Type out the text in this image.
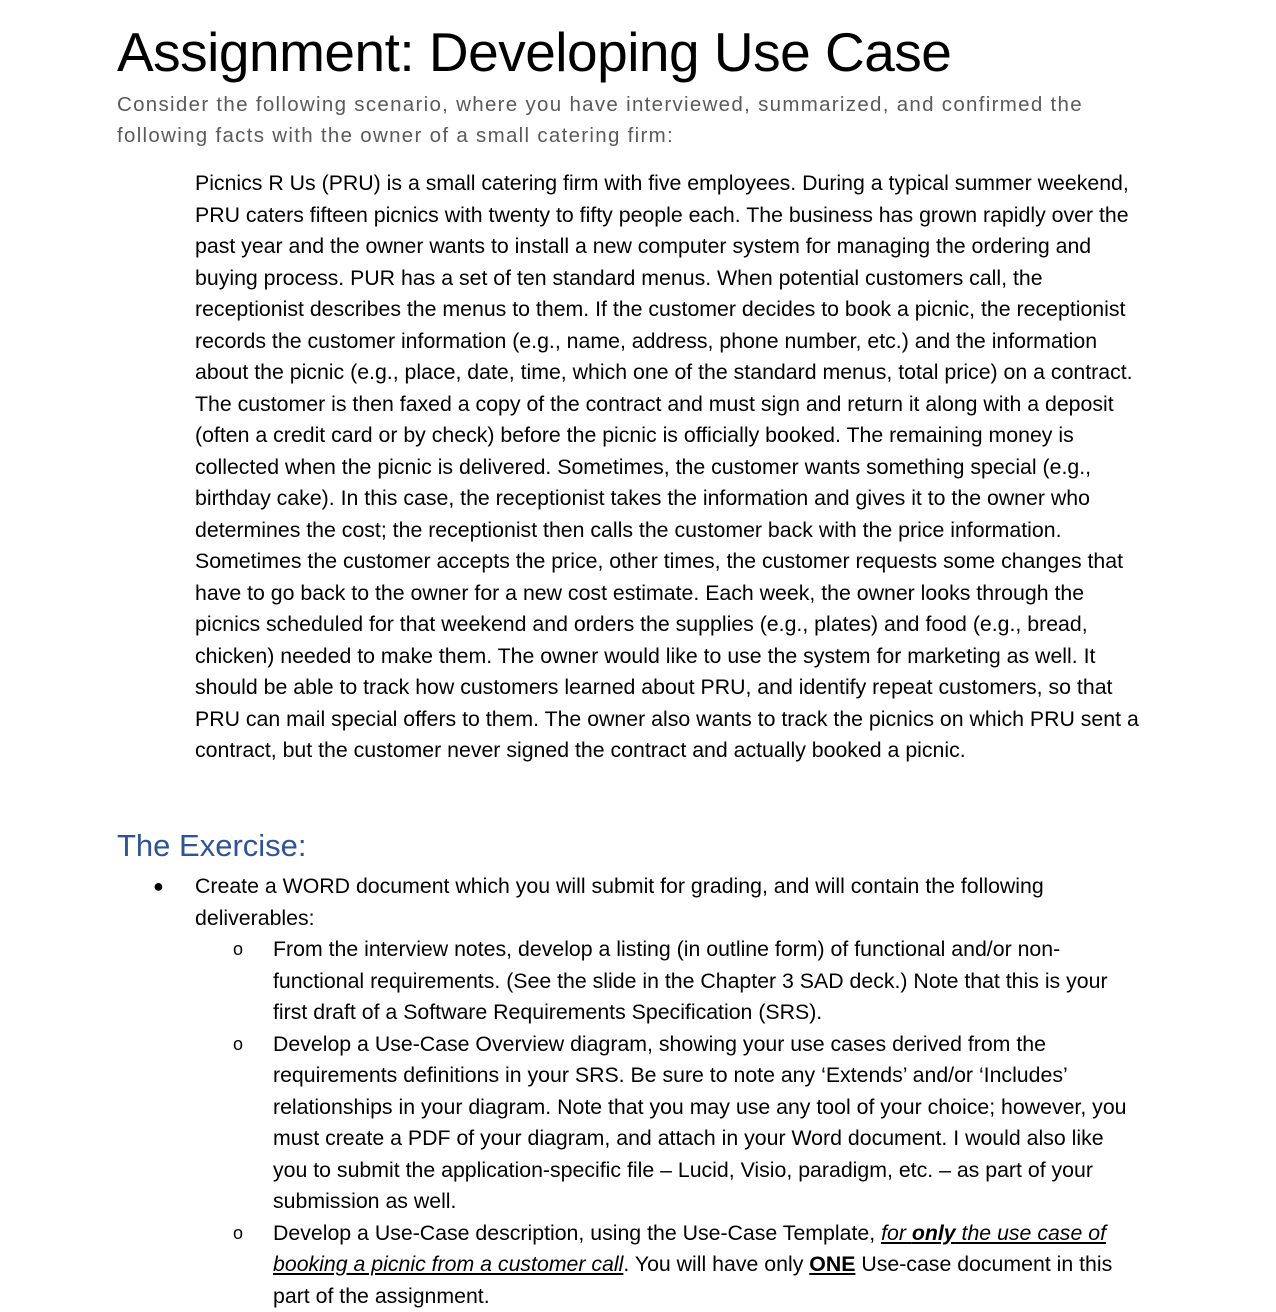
Assignment: Developing Use Case

Consider the following scenario, where you have interviewed, summarized, and confirmed the following facts with the owner of a small catering firm:

Picnics R Us (PRU) is a small catering firm with five employees. During a typical summer weekend, PRU caters fifteen picnics with twenty to fifty people each. The business has grown rapidly over the past year and the owner wants to install a new computer system for managing the ordering and buying process. PUR has a set of ten standard menus. When potential customers call, the receptionist describes the menus to them. If the customer decides to book a picnic, the receptionist records the customer information (e.g., name, address, phone number, etc.) and the information about the picnic (e.g., place, date, time, which one of the standard menus, total price) on a contract. The customer is then faxed a copy of the contract and must sign and return it along with a deposit (often a credit card or by check) before the picnic is officially booked. The remaining money is collected when the picnic is delivered. Sometimes, the customer wants something special (e.g., birthday cake). In this case, the receptionist takes the information and gives it to the owner who determines the cost; the receptionist then calls the customer back with the price information. Sometimes the customer accepts the price, other times, the customer requests some changes that have to go back to the owner for a new cost estimate. Each week, the owner looks through the picnics scheduled for that weekend and orders the supplies (e.g., plates) and food (e.g., bread, chicken) needed to make them. The owner would like to use the system for marketing as well. It should be able to track how customers learned about PRU, and identify repeat customers, so that PRU can mail special offers to them. The owner also wants to track the picnics on which PRU sent a contract, but the customer never signed the contract and actually booked a picnic.

The Exercise:
●	Create a WORD document which you will submit for grading, and will contain the following deliverables:
o From the interview notes, develop a listing (in outline form) of functional and/or non-functional requirements. (See the slide in the Chapter 3 SAD deck.) Note that this is your first draft of a Software Requirements Specification (SRS).
o Develop a Use-Case Overview diagram, showing your use cases derived from the requirements definitions in your SRS. Be sure to note any ‘Extends’ and/or ‘Includes’ relationships in your diagram. Note that you may use any tool of your choice; however, you must create a PDF of your diagram, and attach in your Word document. I would also like you to submit the application-specific file – Lucid, Visio, paradigm, etc. – as part of your submission as well.
o Develop a Use-Case description, using the Use-Case Template, for only the use case of booking a picnic from a customer call. You will have only ONE Use-case document in this part of the assignment.
